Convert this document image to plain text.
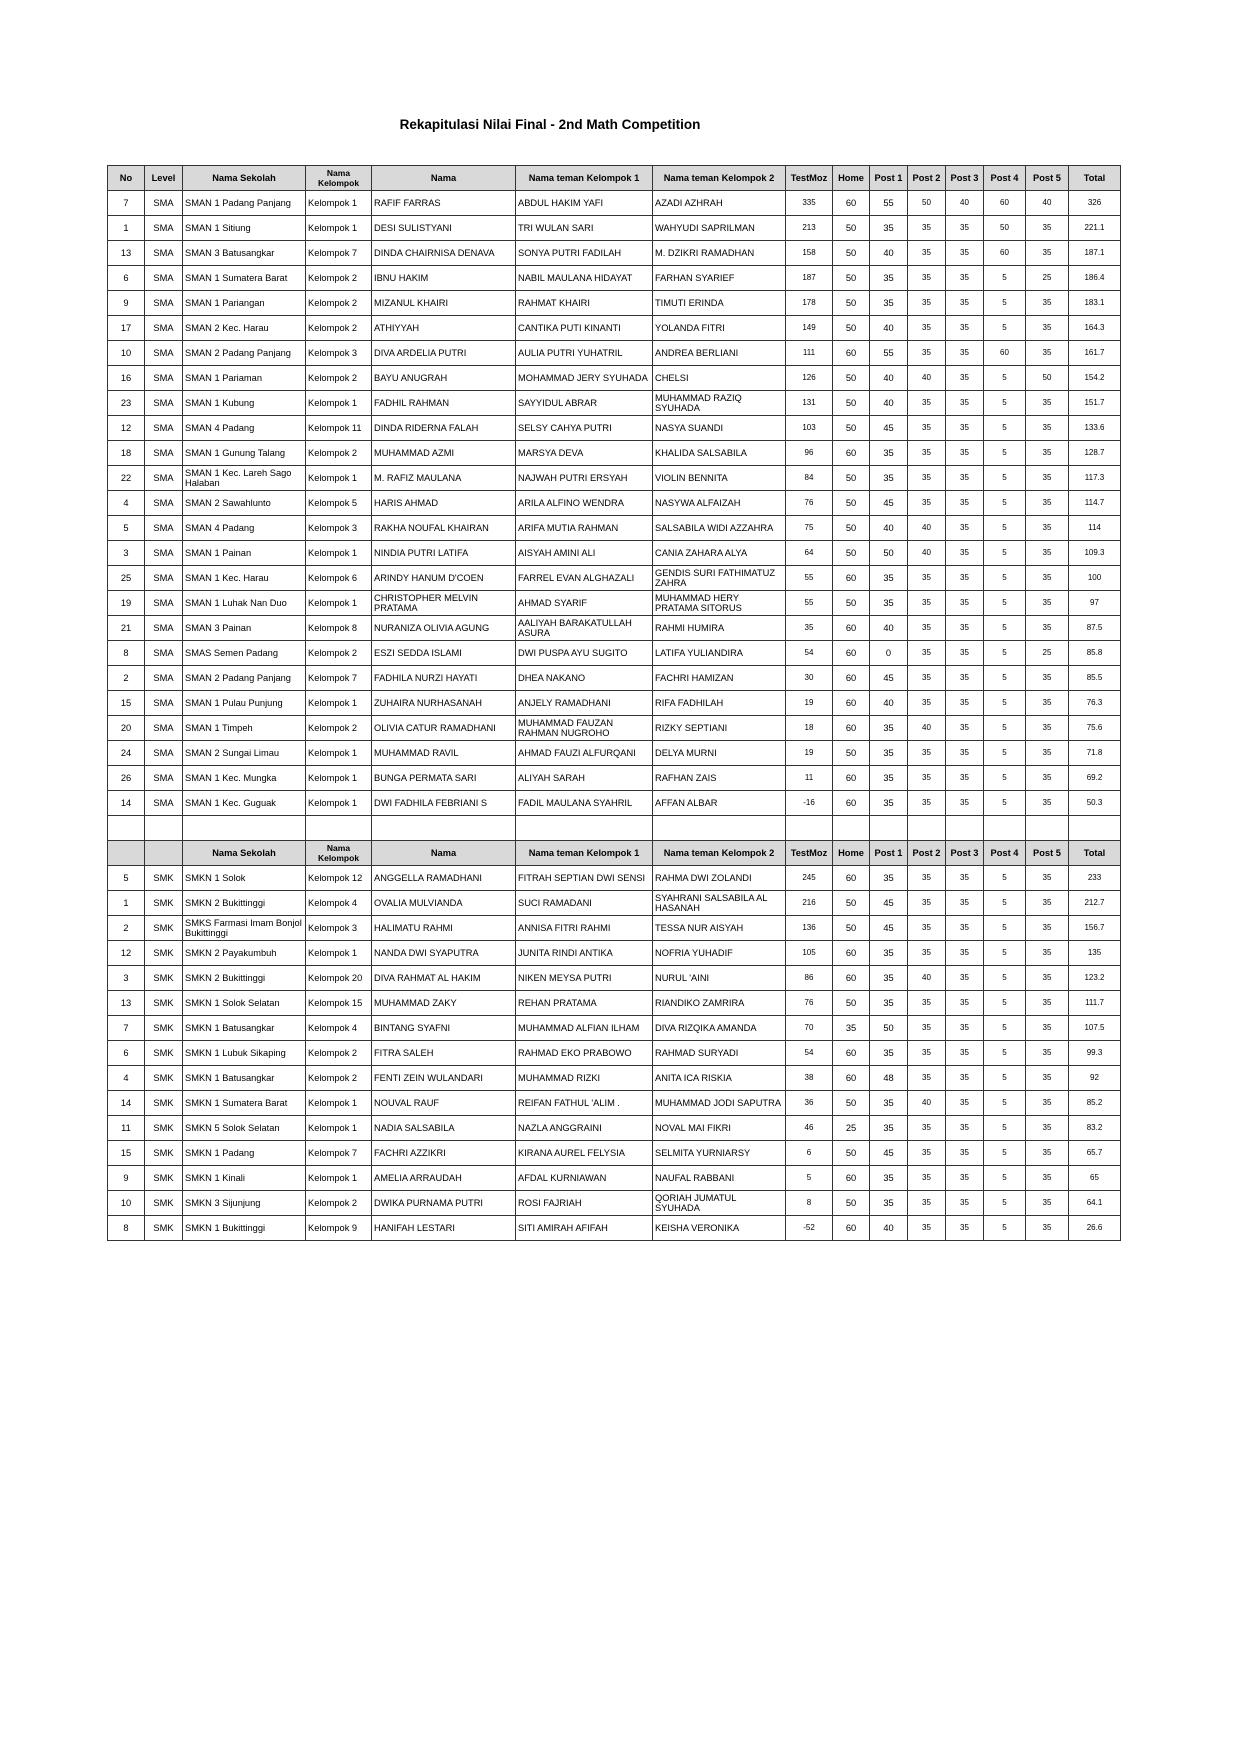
Rekapitulasi Nilai Final - 2nd Math Competition
No	Level	Nama Sekolah	Nama Kelompok	Nama	Nama teman Kelompok 1	Nama teman Kelompok 2	TestMoz	Home	Post 1	Post 2	Post 3	Post 4	Post 5	Total
7	SMA	SMAN 1 Padang Panjang	Kelompok 1	RAFIF FARRAS	ABDUL HAKIM YAFI	AZADI AZHRAH	335	60	55	50	40	60	40	326
1	SMA	SMAN 1 Sitiung	Kelompok 1	DESI SULISTYANI	TRI WULAN SARI	WAHYUDI SAPRILMAN	213	50	35	35	35	50	35	221.1
13	SMA	SMAN 3 Batusangkar	Kelompok 7	DINDA CHAIRNISA DENAVA	SONYA PUTRI FADILAH	M. DZIKRI RAMADHAN	158	50	40	35	35	60	35	187.1
6	SMA	SMAN 1 Sumatera Barat	Kelompok 2	IBNU HAKIM	NABIL MAULANA HIDAYAT	FARHAN SYARIEF	187	50	35	35	35	5	25	186.4
9	SMA	SMAN 1 Pariangan	Kelompok 2	MIZANUL KHAIRI	RAHMAT KHAIRI	TIMUTI ERINDA	178	50	35	35	35	5	35	183.1
17	SMA	SMAN 2 Kec. Harau	Kelompok 2	ATHIYYAH	CANTIKA PUTI KINANTI	YOLANDA FITRI	149	50	40	35	35	5	35	164.3
10	SMA	SMAN 2 Padang Panjang	Kelompok 3	DIVA ARDELIA PUTRI	AULIA PUTRI YUHATRIL	ANDREA BERLIANI	111	60	55	35	35	60	35	161.7
16	SMA	SMAN 1 Pariaman	Kelompok 2	BAYU ANUGRAH	MOHAMMAD JERY SYUHADA	CHELSI	126	50	40	40	35	5	50	154.2
23	SMA	SMAN 1 Kubung	Kelompok 1	FADHIL RAHMAN	SAYYIDUL ABRAR	MUHAMMAD RAZIQ SYUHADA	131	50	40	35	35	5	35	151.7
12	SMA	SMAN 4 Padang	Kelompok 11	DINDA RIDERNA FALAH	SELSY CAHYA PUTRI	NASYA SUANDI	103	50	45	35	35	5	35	133.6
18	SMA	SMAN 1 Gunung Talang	Kelompok 2	MUHAMMAD AZMI	MARSYA DEVA	KHALIDA SALSABILA	96	60	35	35	35	5	35	128.7
22	SMA	SMAN 1 Kec. Lareh Sago Halaban	Kelompok 1	M. RAFIZ MAULANA	NAJWAH PUTRI ERSYAH	VIOLIN BENNITA	84	50	35	35	35	5	35	117.3
4	SMA	SMAN 2 Sawahlunto	Kelompok 5	HARIS AHMAD	ARILA ALFINO WENDRA	NASYWA ALFAIZAH	76	50	45	35	35	5	35	114.7
5	SMA	SMAN 4 Padang	Kelompok 3	RAKHA NOUFAL KHAIRAN	ARIFA MUTIA RAHMAN	SALSABILA WIDI AZZAHRA	75	50	40	40	35	5	35	114
3	SMA	SMAN 1 Painan	Kelompok 1	NINDIA PUTRI LATIFA	AISYAH AMINI ALI	CANIA ZAHARA ALYA	64	50	50	40	35	5	35	109.3
25	SMA	SMAN 1 Kec. Harau	Kelompok 6	ARINDY HANUM D'COEN	FARREL EVAN ALGHAZALI	GENDIS SURI FATHIMATUZ ZAHRA	55	60	35	35	35	5	35	100
19	SMA	SMAN 1 Luhak Nan Duo	Kelompok 1	CHRISTOPHER MELVIN PRATAMA	AHMAD SYARIF	MUHAMMAD HERY PRATAMA SITORUS	55	50	35	35	35	5	35	97
21	SMA	SMAN 3 Painan	Kelompok 8	NURANIZA OLIVIA AGUNG	AALIYAH BARAKATULLAH ASURA	RAHMI HUMIRA	35	60	40	35	35	5	35	87.5
8	SMA	SMAS Semen Padang	Kelompok 2	ESZI SEDDA ISLAMI	DWI PUSPA AYU SUGITO	LATIFA YULIANDIRA	54	60	0	35	35	5	25	85.8
2	SMA	SMAN 2 Padang Panjang	Kelompok 7	FADHILA NURZI HAYATI	DHEA NAKANO	FACHRI HAMIZAN	30	60	45	35	35	5	35	85.5
15	SMA	SMAN 1 Pulau Punjung	Kelompok 1	ZUHAIRA NURHASANAH	ANJELY RAMADHANI	RIFA FADHILAH	19	60	40	35	35	5	35	76.3
20	SMA	SMAN 1 Timpeh	Kelompok 2	OLIVIA CATUR RAMADHANI	MUHAMMAD FAUZAN RAHMAN NUGROHO	RIZKY SEPTIANI	18	60	35	40	35	5	35	75.6
24	SMA	SMAN 2 Sungai Limau	Kelompok 1	MUHAMMAD RAVIL	AHMAD FAUZI ALFURQANI	DELYA MURNI	19	50	35	35	35	5	35	71.8
26	SMA	SMAN 1 Kec. Mungka	Kelompok 1	BUNGA PERMATA SARI	ALIYAH SARAH	RAFHAN ZAIS	11	60	35	35	35	5	35	69.2
14	SMA	SMAN 1 Kec. Guguak	Kelompok 1	DWI FADHILA FEBRIANI S	FADIL MAULANA SYAHRIL	AFFAN ALBAR	-16	60	35	35	35	5	35	50.3

		Nama Sekolah	Nama Kelompok	Nama	Nama teman Kelompok 1	Nama teman Kelompok 2	TestMoz	Home	Post 1	Post 2	Post 3	Post 4	Post 5	Total
5	SMK	SMKN 1 Solok	Kelompok 12	ANGGELLA RAMADHANI	FITRAH SEPTIAN DWI SENSI	RAHMA DWI ZOLANDI	245	60	35	35	35	5	35	233
1	SMK	SMKN 2 Bukittinggi	Kelompok 4	OVALIA MULVIANDA	SUCI RAMADANI	SYAHRANI SALSABILA AL HASANAH	216	50	45	35	35	5	35	212.7
2	SMK	SMKS Farmasi Imam Bonjol Bukittinggi	Kelompok 3	HALIMATU RAHMI	ANNISA FITRI RAHMI	TESSA NUR AISYAH	136	50	45	35	35	5	35	156.7
12	SMK	SMKN 2 Payakumbuh	Kelompok 1	NANDA DWI SYAPUTRA	JUNITA RINDI ANTIKA	NOFRIA YUHADIF	105	60	35	35	35	5	35	135
3	SMK	SMKN 2 Bukittinggi	Kelompok 20	DIVA RAHMAT AL HAKIM	NIKEN MEYSA PUTRI	NURUL 'AINI	86	60	35	40	35	5	35	123.2
13	SMK	SMKN 1 Solok Selatan	Kelompok 15	MUHAMMAD ZAKY	REHAN PRATAMA	RIANDIKO ZAMRIRA	76	50	35	35	35	5	35	111.7
7	SMK	SMKN 1 Batusangkar	Kelompok 4	BINTANG SYAFNI	MUHAMMAD ALFIAN ILHAM	DIVA RIZQIKA AMANDA	70	35	50	35	35	5	35	107.5
6	SMK	SMKN 1 Lubuk Sikaping	Kelompok 2	FITRA SALEH	RAHMAD EKO PRABOWO	RAHMAD SURYADI	54	60	35	35	35	5	35	99.3
4	SMK	SMKN 1 Batusangkar	Kelompok 2	FENTI ZEIN WULANDARI	MUHAMMAD RIZKI	ANITA ICA RISKIA	38	60	48	35	35	5	35	92
14	SMK	SMKN 1 Sumatera Barat	Kelompok 1	NOUVAL RAUF	REIFAN FATHUL 'ALIM .	MUHAMMAD JODI SAPUTRA	36	50	35	40	35	5	35	85.2
11	SMK	SMKN 5 Solok Selatan	Kelompok 1	NADIA SALSABILA	NAZLA ANGGRAINI	NOVAL MAI FIKRI	46	25	35	35	35	5	35	83.2
15	SMK	SMKN 1 Padang	Kelompok 7	FACHRI AZZIKRI	KIRANA AUREL FELYSIA	SELMITA YURNIARSY	6	50	45	35	35	5	35	65.7
9	SMK	SMKN 1 Kinali	Kelompok 1	AMELIA ARRAUDAH	AFDAL KURNIAWAN	NAUFAL RABBANI	5	60	35	35	35	5	35	65
10	SMK	SMKN 3 Sijunjung	Kelompok 2	DWIKA PURNAMA PUTRI	ROSI FAJRIAH	QORIAH JUMATUL SYUHADA	8	50	35	35	35	5	35	64.1
8	SMK	SMKN 1 Bukittinggi	Kelompok 9	HANIFAH LESTARI	SITI AMIRAH AFIFAH	KEISHA VERONIKA	-52	60	40	35	35	5	35	26.6
